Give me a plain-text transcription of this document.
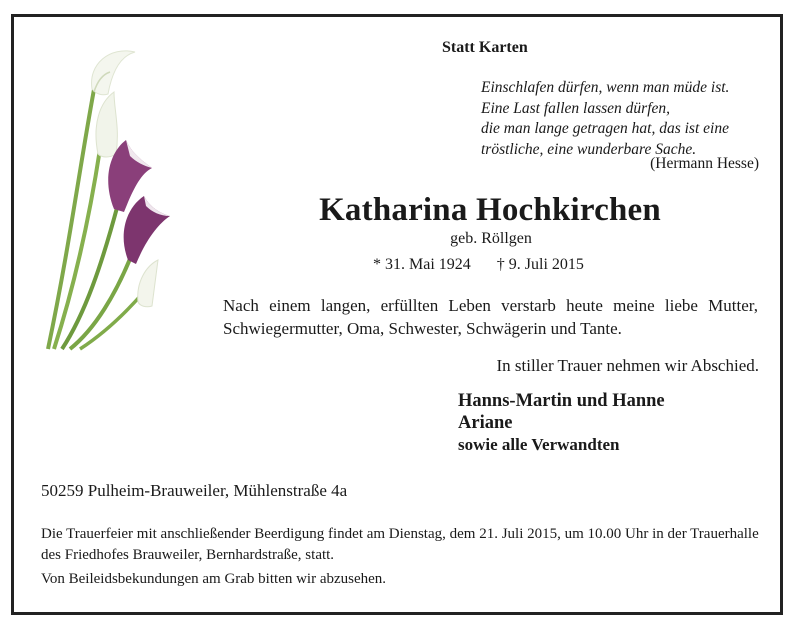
Statt Karten
Einschlafen dürfen, wenn man müde ist.
Eine Last fallen lassen dürfen,
die man lange getragen hat, das ist eine
tröstliche, eine wunderbare Sache.
(Hermann Hesse)
Katharina Hochkirchen
geb. Röllgen
* 31. Mai 1924 † 9. Juli 2015
Nach einem langen, erfüllten Leben verstarb heute meine liebe Mutter, Schwiegermutter, Oma, Schwester, Schwägerin und Tante.
In stiller Trauer nehmen wir Abschied.
Hanns-Martin und Hanne
Ariane
sowie alle Verwandten
50259 Pulheim-Brauweiler, Mühlenstraße 4a
Die Trauerfeier mit anschließender Beerdigung findet am Dienstag, dem 21. Juli 2015, um 10.00 Uhr in der Trauerhalle des Friedhofes Brauweiler, Bernhardstraße, statt.
Von Beileidsbekundungen am Grab bitten wir abzusehen.
